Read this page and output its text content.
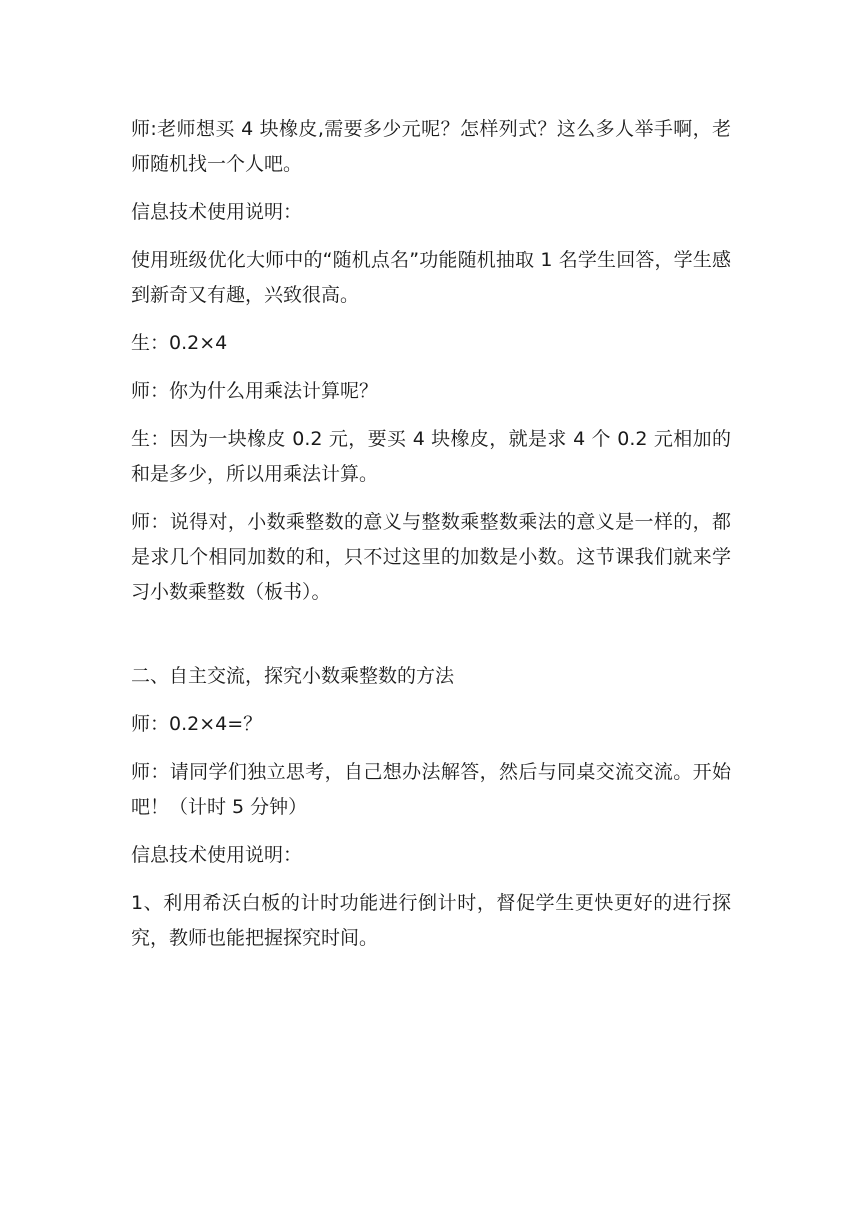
师:老师想买 4 块橡皮,需要多少元呢？怎样列式？这么多人举手啊，老师随机找一个人吧。

信息技术使用说明：

使用班级优化大师中的“随机点名”功能随机抽取 1 名学生回答，学生感到新奇又有趣，兴致很高。

生：0.2×4

师：你为什么用乘法计算呢？

生：因为一块橡皮 0.2 元，要买 4 块橡皮，就是求 4 个 0.2 元相加的和是多少，所以用乘法计算。

师：说得对，小数乘整数的意义与整数乘整数乘法的意义是一样的，都是求几个相同加数的和，只不过这里的加数是小数。这节课我们就来学习小数乘整数（板书）。

二、自主交流，探究小数乘整数的方法

师：0.2×4=？

师：请同学们独立思考，自己想办法解答，然后与同桌交流交流。开始吧！（计时 5 分钟）

信息技术使用说明：

1、利用希沃白板的计时功能进行倒计时，督促学生更快更好的进行探究，教师也能把握探究时间。
